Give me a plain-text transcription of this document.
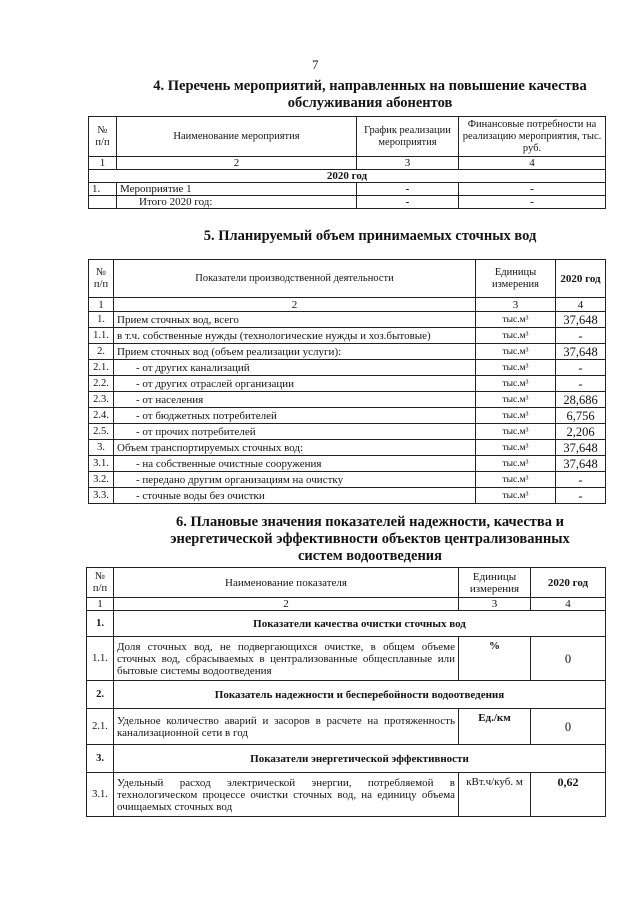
7
4. Перечень мероприятий, направленных на повышение качества
обслуживания абонентов
№ п/п	Наименование мероприятия	График реализации мероприятия	Финансовые потребности на реализацию мероприятия, тыс. руб.
1	2	3	4
2020 год			
1.	Мероприятие 1	-	-
	Итого 2020 год:	-	-
5. Планируемый объем принимаемых сточных вод
№ п/п	Показатели производственной деятельности	Единицы измерения	2020 год
1	2	3	4
1.	Прием сточных вод, всего	тыс.м³	37,648
1.1.	в т.ч. собственные нужды (технологические нужды и хоз.бытовые)	тыс.м³	-
2.	Прием сточных вод (объем реализации услуги):	тыс.м³	37,648
2.1.	- от других канализаций	тыс.м³	-
2.2.	- от других отраслей организации	тыс.м³	-
2.3.	- от населения	тыс.м³	28,686
2.4.	- от бюджетных потребителей	тыс.м³	6,756
2.5.	- от прочих потребителей	тыс.м³	2,206
3.	Объем транспортируемых сточных вод:	тыс.м³	37,648
3.1.	- на собственные очистные сооружения	тыс.м³	37,648
3.2.	- передано другим организациям на очистку	тыс.м³	-
3.3.	- сточные воды без очистки	тыс.м³	-
6. Плановые значения показателей надежности, качества и
энергетической эффективности объектов централизованных
систем водоотведения
№ п/п	Наименование показателя	Единицы измерения	2020 год
1	2	3	4
1.	Показатели качества очистки сточных вод		
1.1.	Доля сточных вод, не подвергающихся очистке, в общем объеме сточных вод, сбрасываемых в централизованные общесплавные или бытовые системы водоотведения	%	0
2.	Показатель надежности и бесперебойности водоотведения		
2.1.	Удельное количество аварий и засоров в расчете на протяженность канализационной сети в год	Ед./км	0
3.	Показатели энергетической эффективности		
3.1.	Удельный расход электрической энергии, потребляемой в технологическом процессе очистки сточных вод, на единицу объема очищаемых сточных вод	кВт.ч/куб. м	0,62
